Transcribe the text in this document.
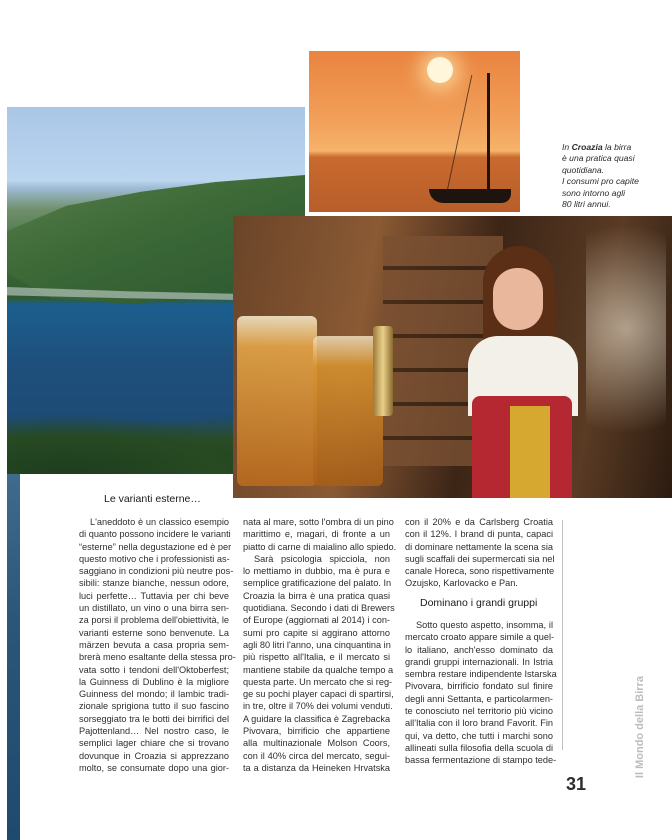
In Croazia la birra
è una pratica quasi
quotidiana.
I consumi pro capite
sono intorno agli
80 litri annui.
Le varianti esterne…
Dominano i grandi gruppi
L'aneddoto è un classico esempio
di quanto possono incidere le varianti
“esterne” nella degustazione ed è per
questo motivo che i professionisti as-
saggiano in condizioni più neutre pos-
sibili: stanze bianche, nessun odore,
luci perfette… Tuttavia per chi beve
un distillato, un vino o una birra sen-
za porsi il problema dell'obiettività, le
varianti esterne sono benvenute. La
märzen bevuta a casa propria sem-
brerà meno esaltante della stessa pro-
vata sotto i tendoni dell'Oktoberfest;
la Guinness di Dublino è la migliore
Guinness del mondo; il lambic tradi-
zionale sprigiona tutto il suo fascino
sorseggiato tra le botti dei birrifici del
Pajottenland… Nel nostro caso, le
semplici lager chiare che si trovano
dovunque in Croazia si apprezzano
molto, se consumate dopo una gior-
nata al mare, sotto l'ombra di un pino
marittimo e, magari, di fronte a un
piatto di carne di maialino allo spiedo.
Sarà psicologia spicciola, non
lo mettiamo in dubbio, ma è pura e
semplice gratificazione del palato. In
Croazia la birra è una pratica quasi
quotidiana. Secondo i dati di Brewers
of Europe (aggiornati al 2014) i con-
sumi pro capite si aggirano attorno
agli 80 litri l'anno, una cinquantina in
più rispetto all'Italia, e il mercato si
mantiene stabile da qualche tempo a
questa parte. Un mercato che si reg-
ge su pochi player capaci di spartirsi,
in tre, oltre il 70% dei volumi venduti.
A guidare la classifica è Zagrebacka
Pivovara, birrificio che appartiene
alla multinazionale Molson Coors,
con il 40% circa del mercato, segui-
ta a distanza da Heineken Hrvatska
con il 20% e da Carlsberg Croatia
con il 12%. I brand di punta, capaci
di dominare nettamente la scena sia
sugli scaffali dei supermercati sia nel
canale Horeca, sono rispettivamente
Ozujsko, Karlovacko e Pan.
Sotto questo aspetto, insomma, il
mercato croato appare simile a quel-
lo italiano, anch'esso dominato da
grandi gruppi internazionali. In Istria
sembra restare indipendente Istarska
Pivovara, birrificio fondato sul finire
degli anni Settanta, e particolarmen-
te conosciuto nel territorio più vicino
all'Italia con il loro brand Favorit. Fin
qui, va detto, che tutti i marchi sono
allineati sulla filosofia della scuola di
bassa fermentazione di stampo tede-
31
Il Mondo della Birra
